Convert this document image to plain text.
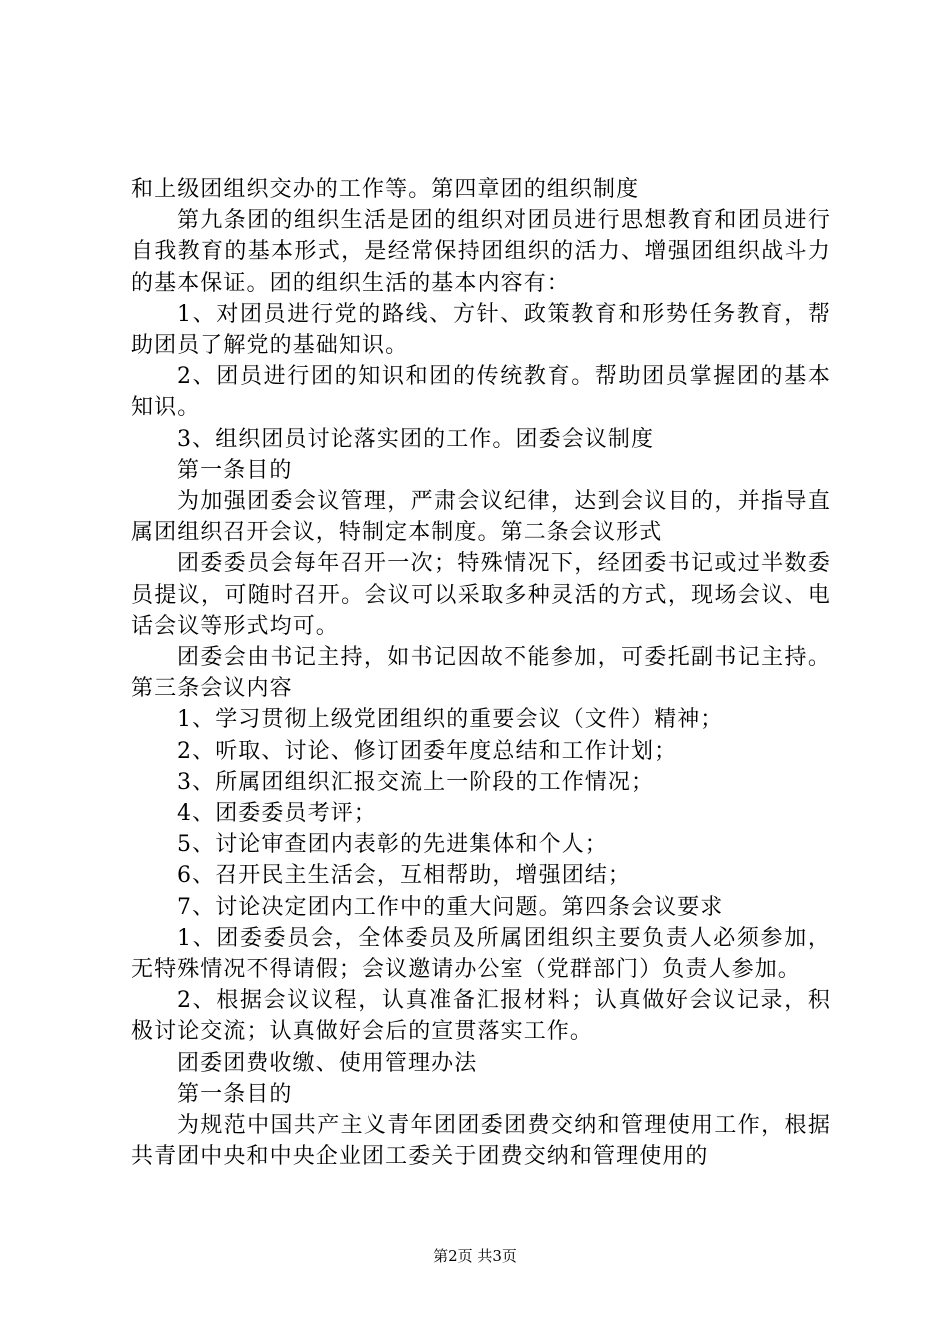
和上级团组织交办的工作等。第四章团的组织制度

第九条团的组织生活是团的组织对团员进行思想教育和团员进行自我教育的基本形式，是经常保持团组织的活力、增强团组织战斗力的基本保证。团的组织生活的基本内容有：

1、对团员进行党的路线、方针、政策教育和形势任务教育，帮助团员了解党的基础知识。

2、团员进行团的知识和团的传统教育。帮助团员掌握团的基本知识。

3、组织团员讨论落实团的工作。团委会议制度

第一条目的

为加强团委会议管理，严肃会议纪律，达到会议目的，并指导直属团组织召开会议，特制定本制度。第二条会议形式

团委委员会每年召开一次；特殊情况下，经团委书记或过半数委员提议，可随时召开。会议可以采取多种灵活的方式，现场会议、电话会议等形式均可。

团委会由书记主持，如书记因故不能参加，可委托副书记主持。第三条会议内容

1、学习贯彻上级党团组织的重要会议（文件）精神；

2、听取、讨论、修订团委年度总结和工作计划；

3、所属团组织汇报交流上一阶段的工作情况；

4、团委委员考评；

5、讨论审查团内表彰的先进集体和个人；

6、召开民主生活会，互相帮助，增强团结；

7、讨论决定团内工作中的重大问题。第四条会议要求

1、团委委员会，全体委员及所属团组织主要负责人必须参加，无特殊情况不得请假；会议邀请办公室（党群部门）负责人参加。

2、根据会议议程，认真准备汇报材料；认真做好会议记录，积极讨论交流；认真做好会后的宣贯落实工作。

团委团费收缴、使用管理办法

第一条目的

为规范中国共产主义青年团团委团费交纳和管理使用工作，根据共青团中央和中央企业团工委关于团费交纳和管理使用的

第2页 共3页
